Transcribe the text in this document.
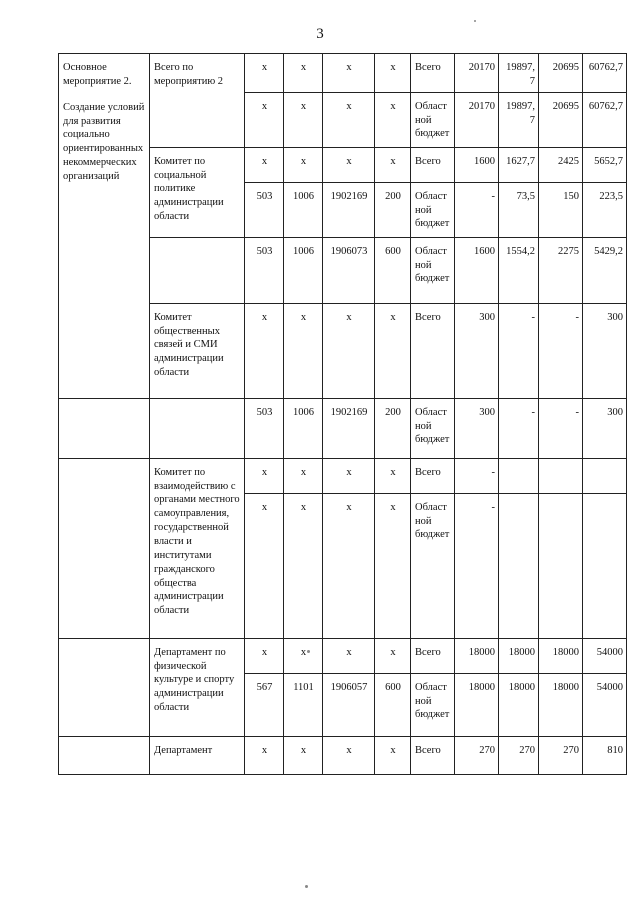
3
Основное мероприятие 2.
Создание условий для развития социально ориентированных некоммерческих организаций	Всего по мероприятию 2	x	x	x	x	Всего	20170	19897,7	20695	60762,7
		x	x	x	x	Областной бюджет	20170	19897,7	20695	60762,7
	Комитет по социальной политике администрации области	x	x	x	x	Всего	1600	1627,7	2425	5652,7
		503	1006	1902169	200	Областной бюджет	-	73,5	150	223,5
		503	1006	1906073	600	Областной бюджет	1600	1554,2	2275	5429,2
	Комитет общественных связей и СМИ администрации области	x	x	x	x	Всего	300	-	-	300
		503	1006	1902169	200	Областной бюджет	300	-	-	300
	Комитет по взаимодействию с органами местного самоуправления, государственной власти и институтами гражданского общества администрации области	x	x	x	x	Всего	-			
		x	x	x	x	Областной бюджет	-			
	Департамент по физической культуре и спорту администрации области	x	x	x	x	Всего	18000	18000	18000	54000
		567	1101	1906057	600	Областной бюджет	18000	18000	18000	54000
	Департамент	x	x	x	x	Всего	270	270	270	810
